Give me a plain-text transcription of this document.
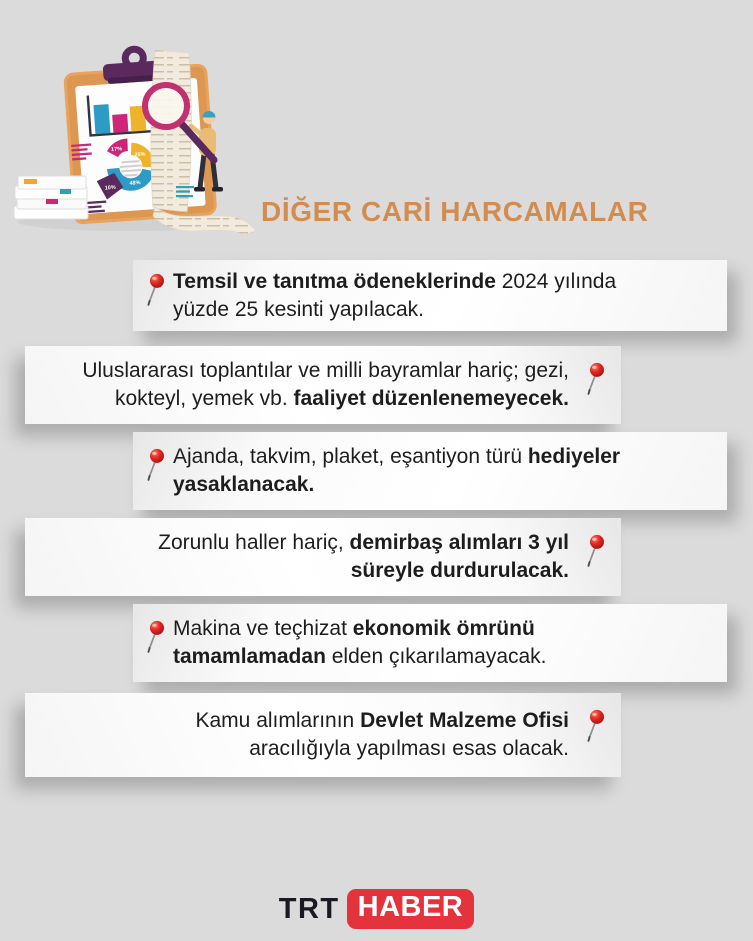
25%
17%
10%
48%
DİĞER CARİ HARCAMALAR
Temsil ve tanıtma ödeneklerinde 2024 yılında
yüzde 25 kesinti yapılacak.
Uluslararası toplantılar ve milli bayramlar hariç; gezi,
kokteyl, yemek vb. faaliyet düzenlenemeyecek.
Ajanda, takvim, plaket, eşantiyon türü hediyeler
yasaklanacak.
Zorunlu haller hariç, demirbaş alımları 3 yıl
süreyle durdurulacak.
Makina ve teçhizat ekonomik ömrünü
tamamlamadan elden çıkarılamayacak.
Kamu alımlarının Devlet Malzeme Ofisi
aracılığıyla yapılması esas olacak.
TRT HABER
